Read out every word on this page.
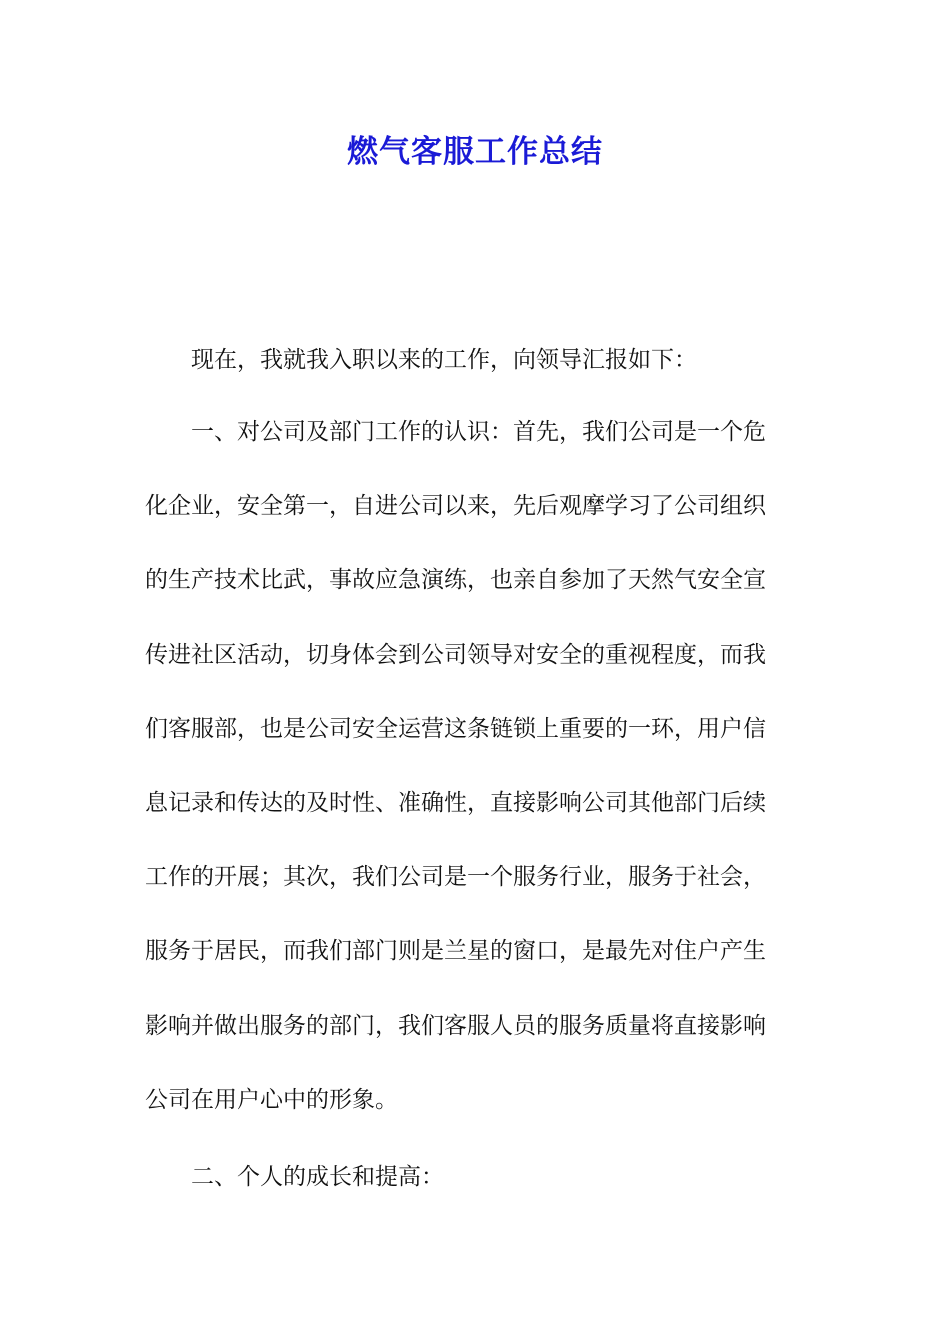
燃气客服工作总结
现在，我就我入职以来的工作，向领导汇报如下：
一、对公司及部门工作的认识：首先，我们公司是一个危
化企业，安全第一，自进公司以来，先后观摩学习了公司组织
的生产技术比武，事故应急演练，也亲自参加了天然气安全宣
传进社区活动，切身体会到公司领导对安全的重视程度，而我
们客服部，也是公司安全运营这条链锁上重要的一环，用户信
息记录和传达的及时性、准确性，直接影响公司其他部门后续
工作的开展；其次，我们公司是一个服务行业，服务于社会，
服务于居民，而我们部门则是兰星的窗口，是最先对住户产生
影响并做出服务的部门，我们客服人员的服务质量将直接影响
公司在用户心中的形象。
二、个人的成长和提高：
